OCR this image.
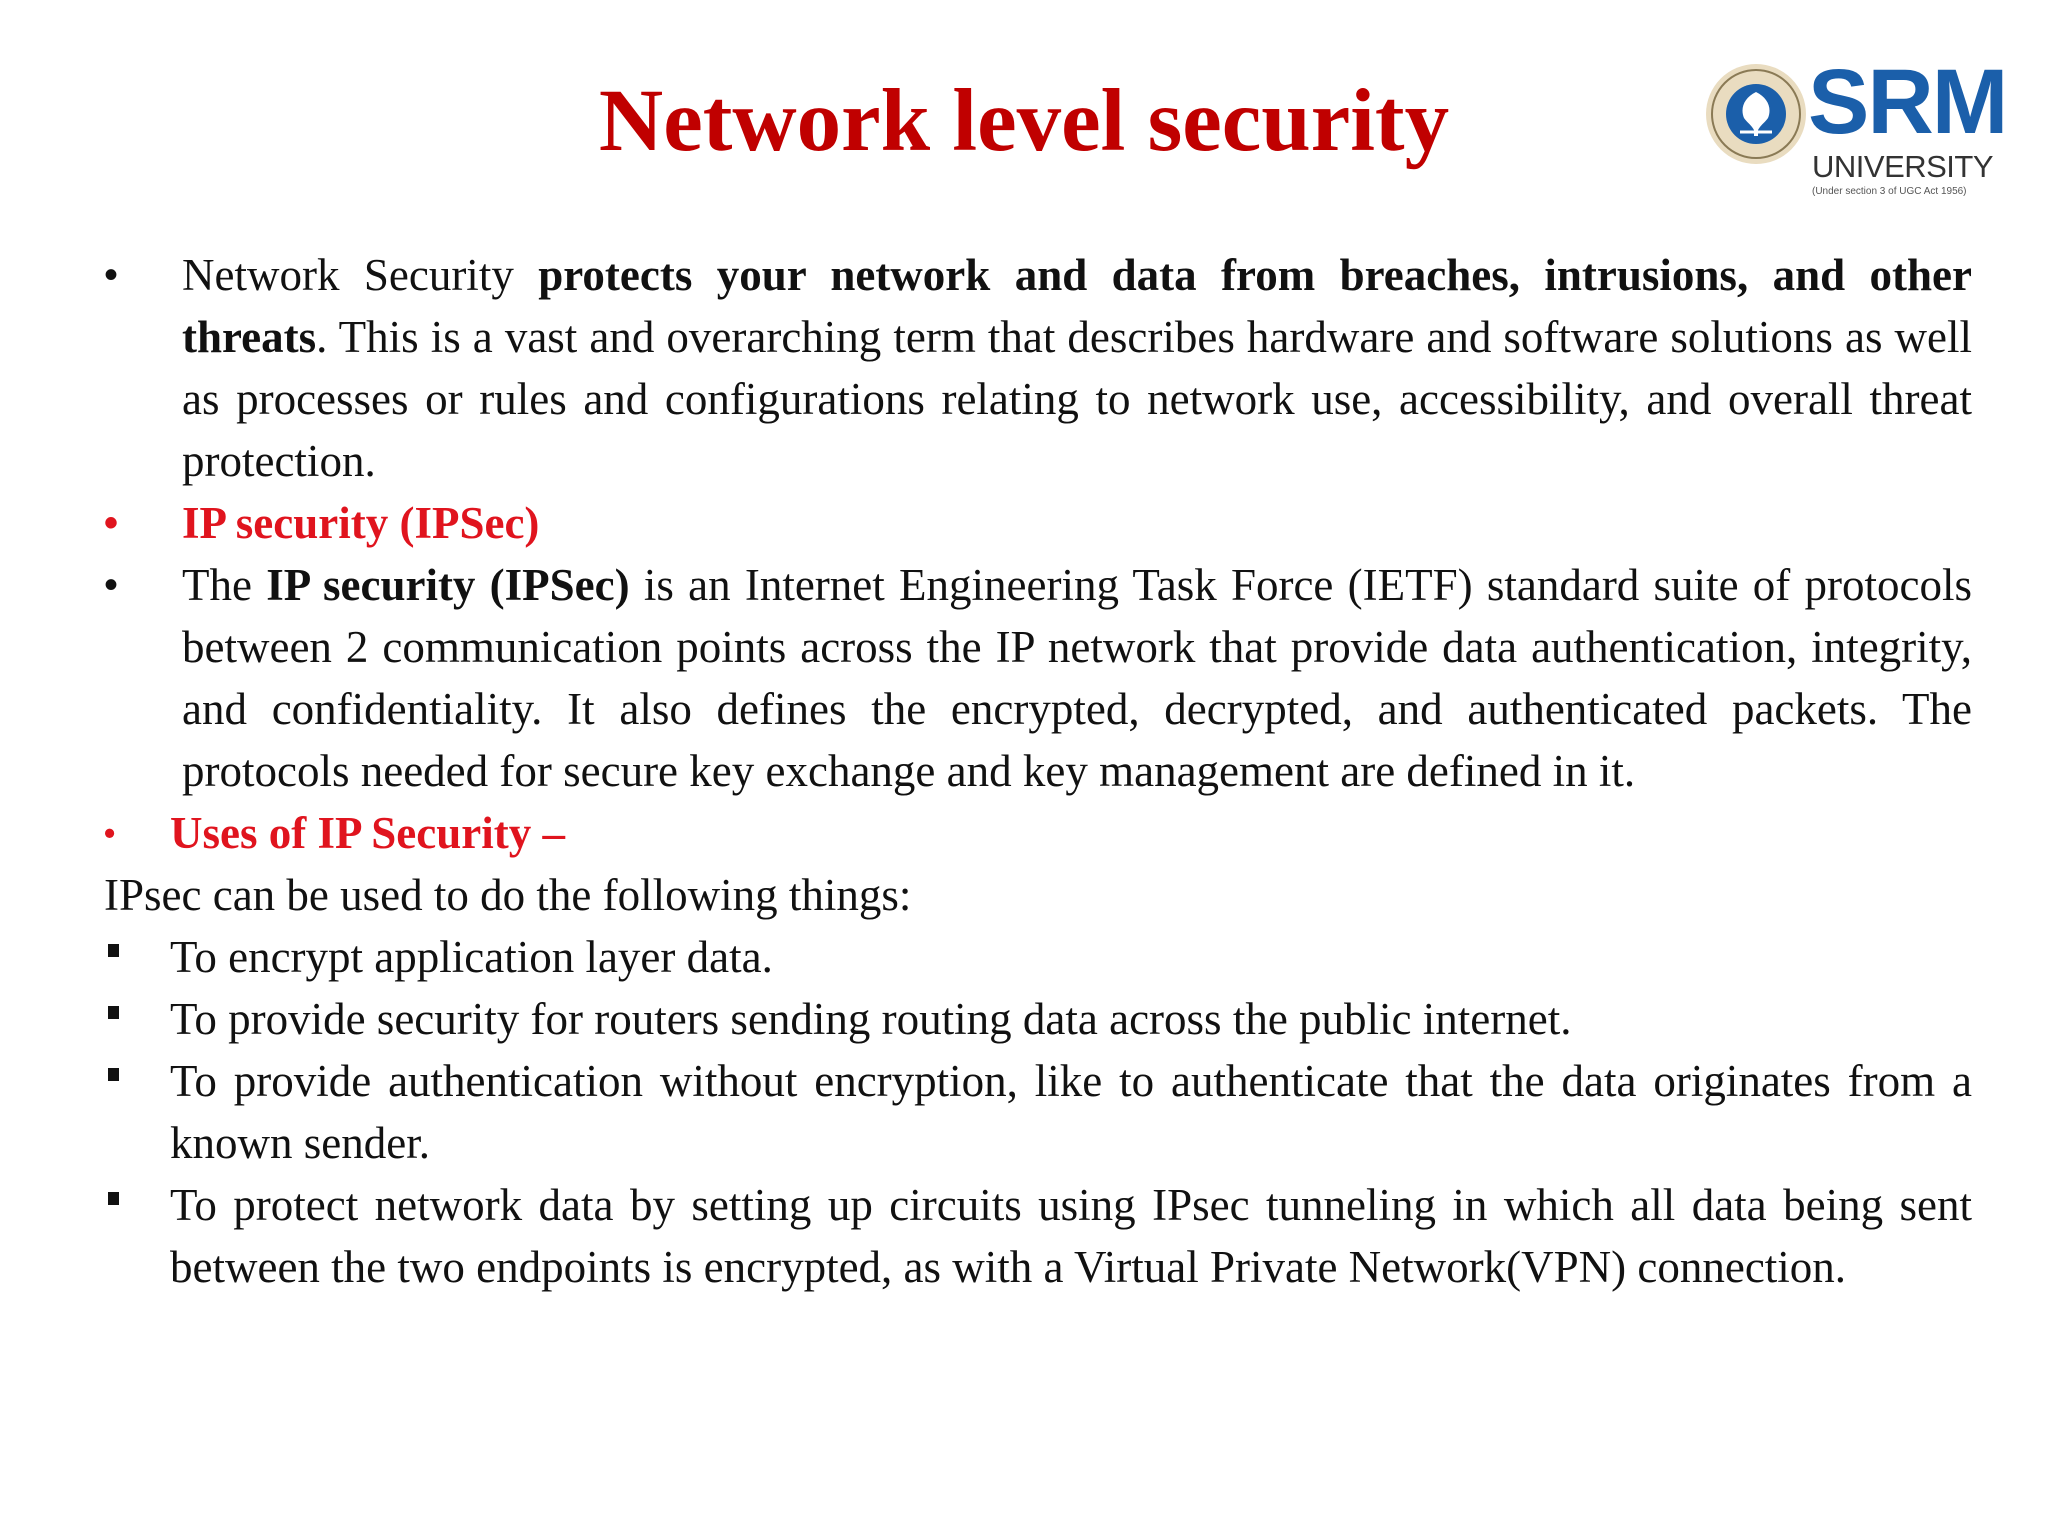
Network level security	SRM
UNIVERSITY
(Under section 3 of UGC Act 1956)

•	Network Security protects your network and data from breaches, intrusions, and other threats. This is a vast and overarching term that describes hardware and software solutions as well as processes or rules and configurations relating to network use, accessibility, and overall threat protection.

•	IP security (IPSec)

•	The IP security (IPSec) is an Internet Engineering Task Force (IETF) standard suite of protocols between 2 communication points across the IP network that provide data authentication, integrity, and confidentiality. It also defines the encrypted, decrypted, and authenticated packets. The protocols needed for secure key exchange and key management are defined in it.

•	Uses of IP Security –

IPsec can be used to do the following things:

To encrypt application layer data.

To provide security for routers sending routing data across the public internet.

To provide authentication without encryption, like to authenticate that the data originates from a known sender.

To protect network data by setting up circuits using IPsec tunneling in which all data being sent between the two endpoints is encrypted, as with a Virtual Private Network(VPN) connection.
